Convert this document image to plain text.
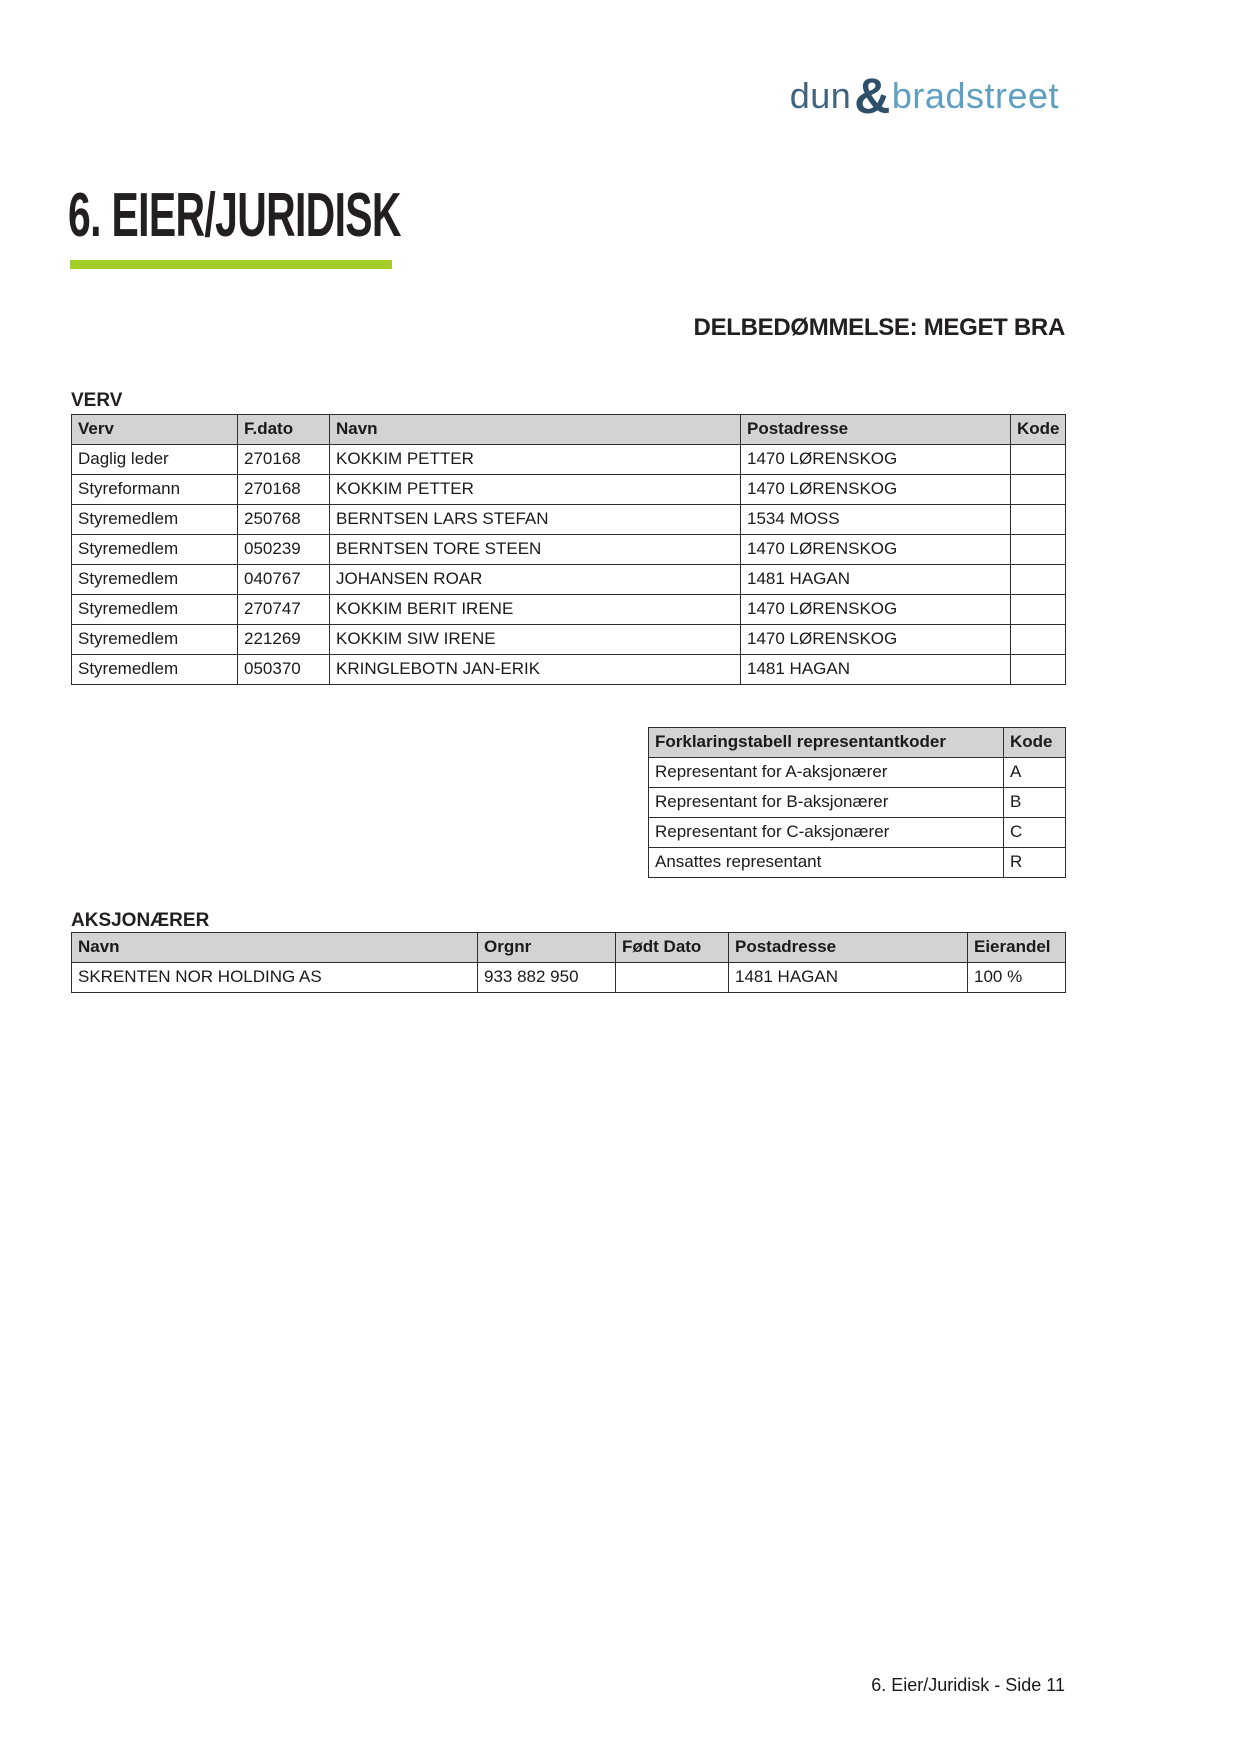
dun&bradstreet
6. EIER/JURIDISK
DELBEDØMMELSE: MEGET BRA
VERV
Verv	F.dato	Navn	Postadresse	Kode
Daglig leder	270168	KOKKIM PETTER	1470 LØRENSKOG	
Styreformann	270168	KOKKIM PETTER	1470 LØRENSKOG	
Styremedlem	250768	BERNTSEN LARS STEFAN	1534 MOSS	
Styremedlem	050239	BERNTSEN TORE STEEN	1470 LØRENSKOG	
Styremedlem	040767	JOHANSEN ROAR	1481 HAGAN	
Styremedlem	270747	KOKKIM BERIT IRENE	1470 LØRENSKOG	
Styremedlem	221269	KOKKIM SIW IRENE	1470 LØRENSKOG	
Styremedlem	050370	KRINGLEBOTN JAN-ERIK	1481 HAGAN	
Forklaringstabell representantkoder	Kode
Representant for A-aksjonærer	A
Representant for B-aksjonærer	B
Representant for C-aksjonærer	C
Ansattes representant	R
AKSJONÆRER
Navn	Orgnr	Født Dato	Postadresse	Eierandel
SKRENTEN NOR HOLDING AS	933 882 950		1481 HAGAN	100 %
6. Eier/Juridisk - Side 11
